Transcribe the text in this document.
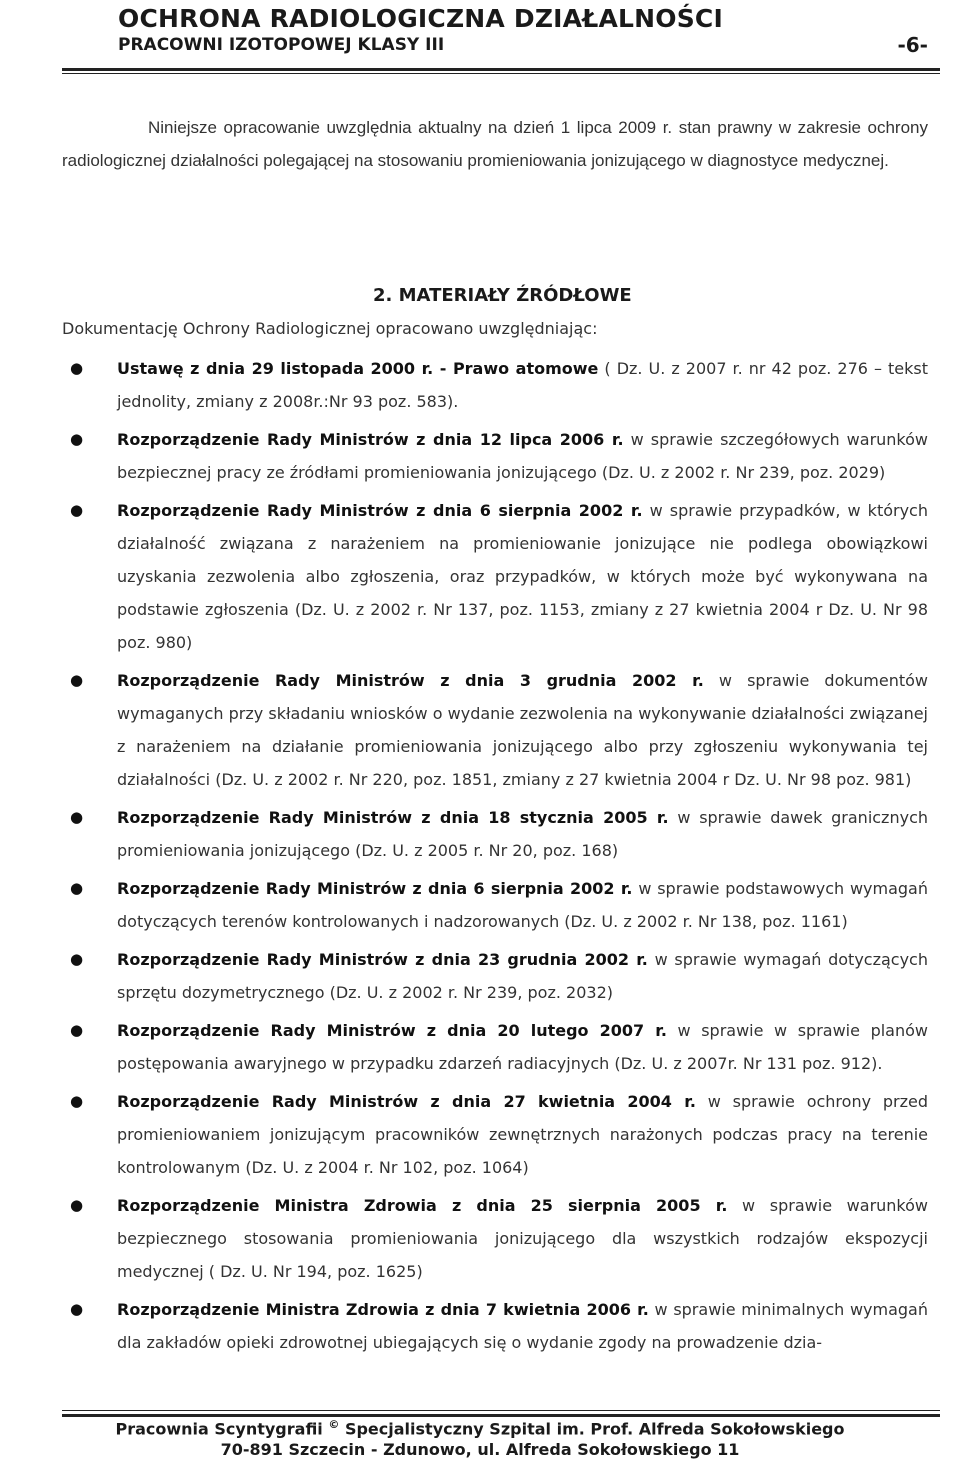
OCHRONA RADIOLOGICZNA DZIAŁALNOŚCI
PRACOWNI IZOTOPOWEJ KLASY III	-6-
Niniejsze opracowanie uwzględnia aktualny na dzień 1 lipca 2009 r. stan prawny w zakresie ochrony radiologicznej działalności polegającej na stosowaniu promieniowania jonizującego w diagnostyce medycznej.
2. MATERIAŁY ŹRÓDŁOWE
Dokumentację Ochrony Radiologicznej opracowano uwzględniając:
● Ustawę z dnia 29 listopada 2000 r. - Prawo atomowe ( Dz. U. z 2007 r. nr 42 poz. 276 – tekst jednolity, zmiany z 2008r.:Nr 93 poz. 583).
● Rozporządzenie Rady Ministrów z dnia 12 lipca 2006 r. w sprawie szczegółowych warunków bezpiecznej pracy ze źródłami promieniowania jonizującego (Dz. U. z 2002 r. Nr 239, poz. 2029)
● Rozporządzenie Rady Ministrów z dnia 6 sierpnia 2002 r. w sprawie przypadków, w których działalność związana z narażeniem na promieniowanie jonizujące nie podlega obowiązkowi uzyskania zezwolenia albo zgłoszenia, oraz przypadków, w których może być wykonywana na podstawie zgłoszenia (Dz. U. z 2002 r. Nr 137, poz. 1153, zmiany z 27 kwietnia 2004 r Dz. U. Nr 98 poz. 980)
● Rozporządzenie Rady Ministrów z dnia 3 grudnia 2002 r. w sprawie dokumentów wymaganych przy składaniu wniosków o wydanie zezwolenia na wykonywanie działalności związanej z narażeniem na działanie promieniowania jonizującego albo przy zgłoszeniu wykonywania tej działalności (Dz. U. z 2002 r. Nr 220, poz. 1851, zmiany z 27 kwietnia 2004 r Dz. U. Nr 98 poz. 981)
● Rozporządzenie Rady Ministrów z dnia 18 stycznia 2005 r. w sprawie dawek granicznych promieniowania jonizującego (Dz. U. z 2005 r. Nr 20, poz. 168)
● Rozporządzenie Rady Ministrów z dnia 6 sierpnia 2002 r. w sprawie podstawowych wymagań dotyczących terenów kontrolowanych i nadzorowanych (Dz. U. z 2002 r. Nr 138, poz. 1161)
● Rozporządzenie Rady Ministrów z dnia 23 grudnia 2002 r. w sprawie wymagań dotyczących sprzętu dozymetrycznego (Dz. U. z 2002 r. Nr 239, poz. 2032)
● Rozporządzenie Rady Ministrów z dnia 20 lutego 2007 r. w sprawie w sprawie planów postępowania awaryjnego w przypadku zdarzeń radiacyjnych (Dz. U. z 2007r. Nr 131 poz. 912).
● Rozporządzenie Rady Ministrów z dnia 27 kwietnia 2004 r. w sprawie ochrony przed promieniowaniem jonizującym pracowników zewnętrznych narażonych podczas pracy na terenie kontrolowanym (Dz. U. z 2004 r. Nr 102, poz. 1064)
● Rozporządzenie Ministra Zdrowia z dnia 25 sierpnia 2005 r. w sprawie warunków bezpiecznego stosowania promieniowania jonizującego dla wszystkich rodzajów ekspozycji medycznej ( Dz. U. Nr 194, poz. 1625)
● Rozporządzenie Ministra Zdrowia z dnia 7 kwietnia 2006 r. w sprawie minimalnych wymagań dla zakładów opieki zdrowotnej ubiegających się o wydanie zgody na prowadzenie dzia-
Pracownia Scyntygrafii © Specjalistyczny Szpital im. Prof. Alfreda Sokołowskiego
70-891 Szczecin - Zdunowo, ul. Alfreda Sokołowskiego 11
